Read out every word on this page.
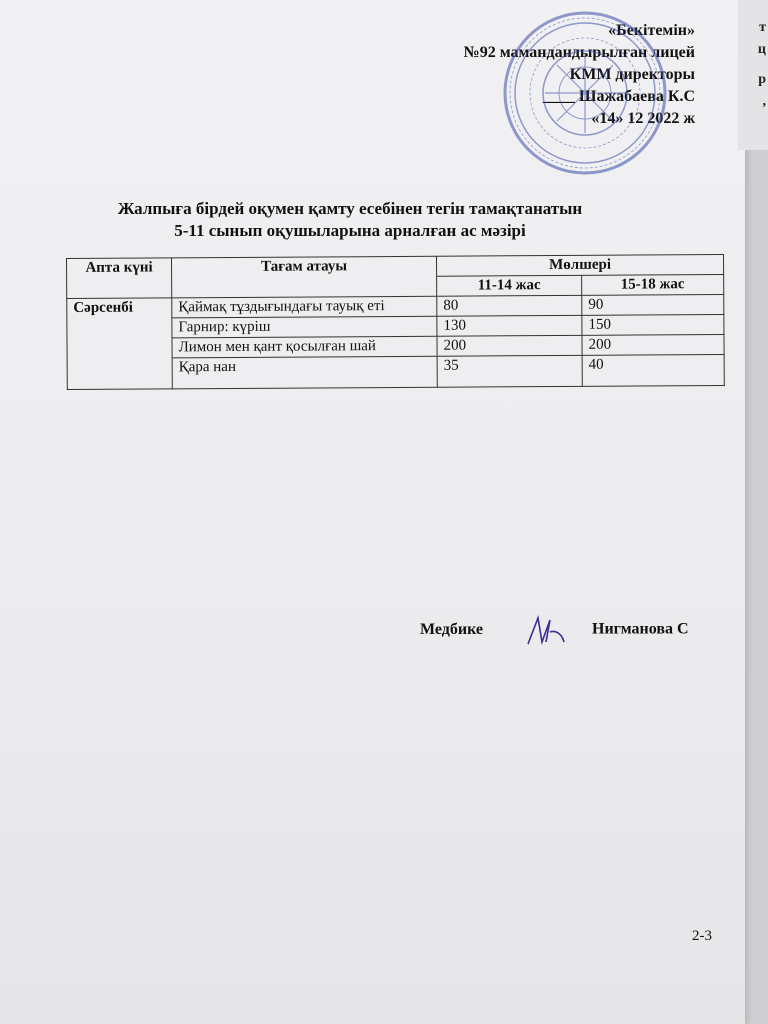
«Бекітемін»
№92 мамандандырылған лицей
КММ директоры
____ Шажабаева К.С
«14» 12 2022 ж
Жалпыға бірдей оқумен қамту есебінен тегін тамақтанатын
5-11 сынып оқушыларына арналған ас мәзірі
Апта күні	Тағам атауы	Мөлшері	
		11-14 жас	15-18 жас
Сәрсенбі	Қаймақ тұздығындағы тауық еті	80	90
	Гарнир: күріш	130	150
	Лимон мен қант қосылған шай	200	200
	Қара нан	35	40
Медбике	Нигманова С
2-3
т
ц
р
,
